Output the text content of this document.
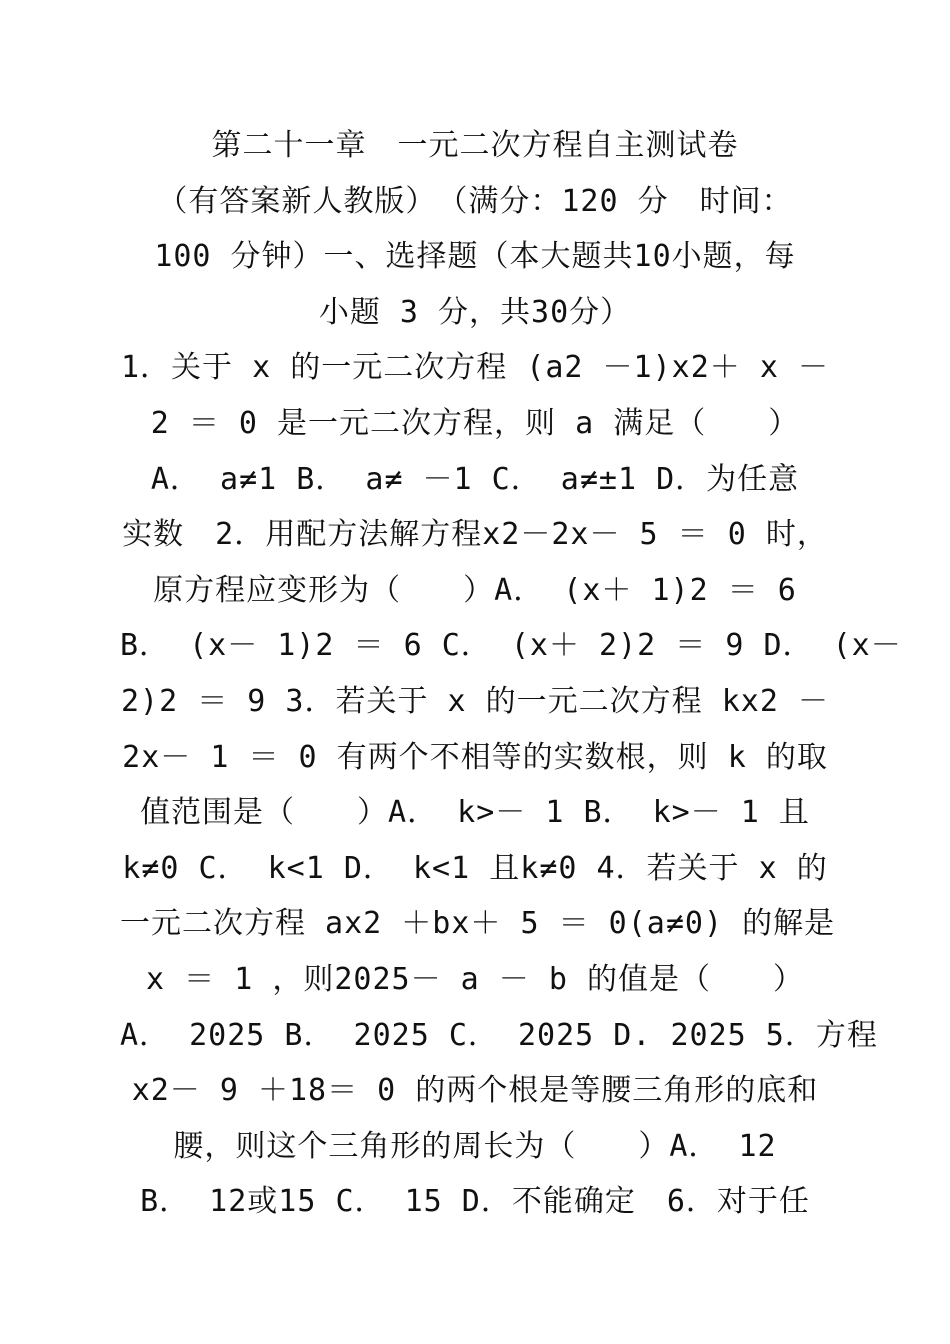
第二十一章　一元二次方程自主测试卷
（有答案新人教版）　（满分：120 分　时间：
100 分钟）一、选择题（本大题共10小题，每
小题 3 分，共30分）
1．关于 x 的一元二次方程 (a2 －1)x2＋ x －
2 ＝ 0 是一元二次方程，则 a 满足（　　）
A． a≠1 B． a≠ －1 C． a≠±1 D．为任意
实数　2．用配方法解方程x2－2x－ 5 ＝ 0 时，
原方程应变形为（　　）A． (x＋ 1)2 ＝ 6
B． (x－ 1)2 ＝ 6 C． (x＋ 2)2 ＝ 9 D． (x－
2)2 ＝ 9 3．若关于 x 的一元二次方程 kx2 －
2x－ 1 ＝ 0 有两个不相等的实数根，则 k 的取
值范围是（　　）A． k>－ 1 B． k>－ 1 且
k≠0 C． k<1 D． k<1 且k≠0 4．若关于 x 的
一元二次方程 ax2 ＋bx＋ 5 ＝ 0(a≠0) 的解是
x ＝ 1 ，则2025－ a － b 的值是（　　）
A． 2025 B． 2025 C． 2025 D. 2025 5．方程
x2－ 9 ＋18＝ 0 的两个根是等腰三角形的底和
腰，则这个三角形的周长为（　　）A． 12
B． 12或15 C． 15 D．不能确定　6．对于任
